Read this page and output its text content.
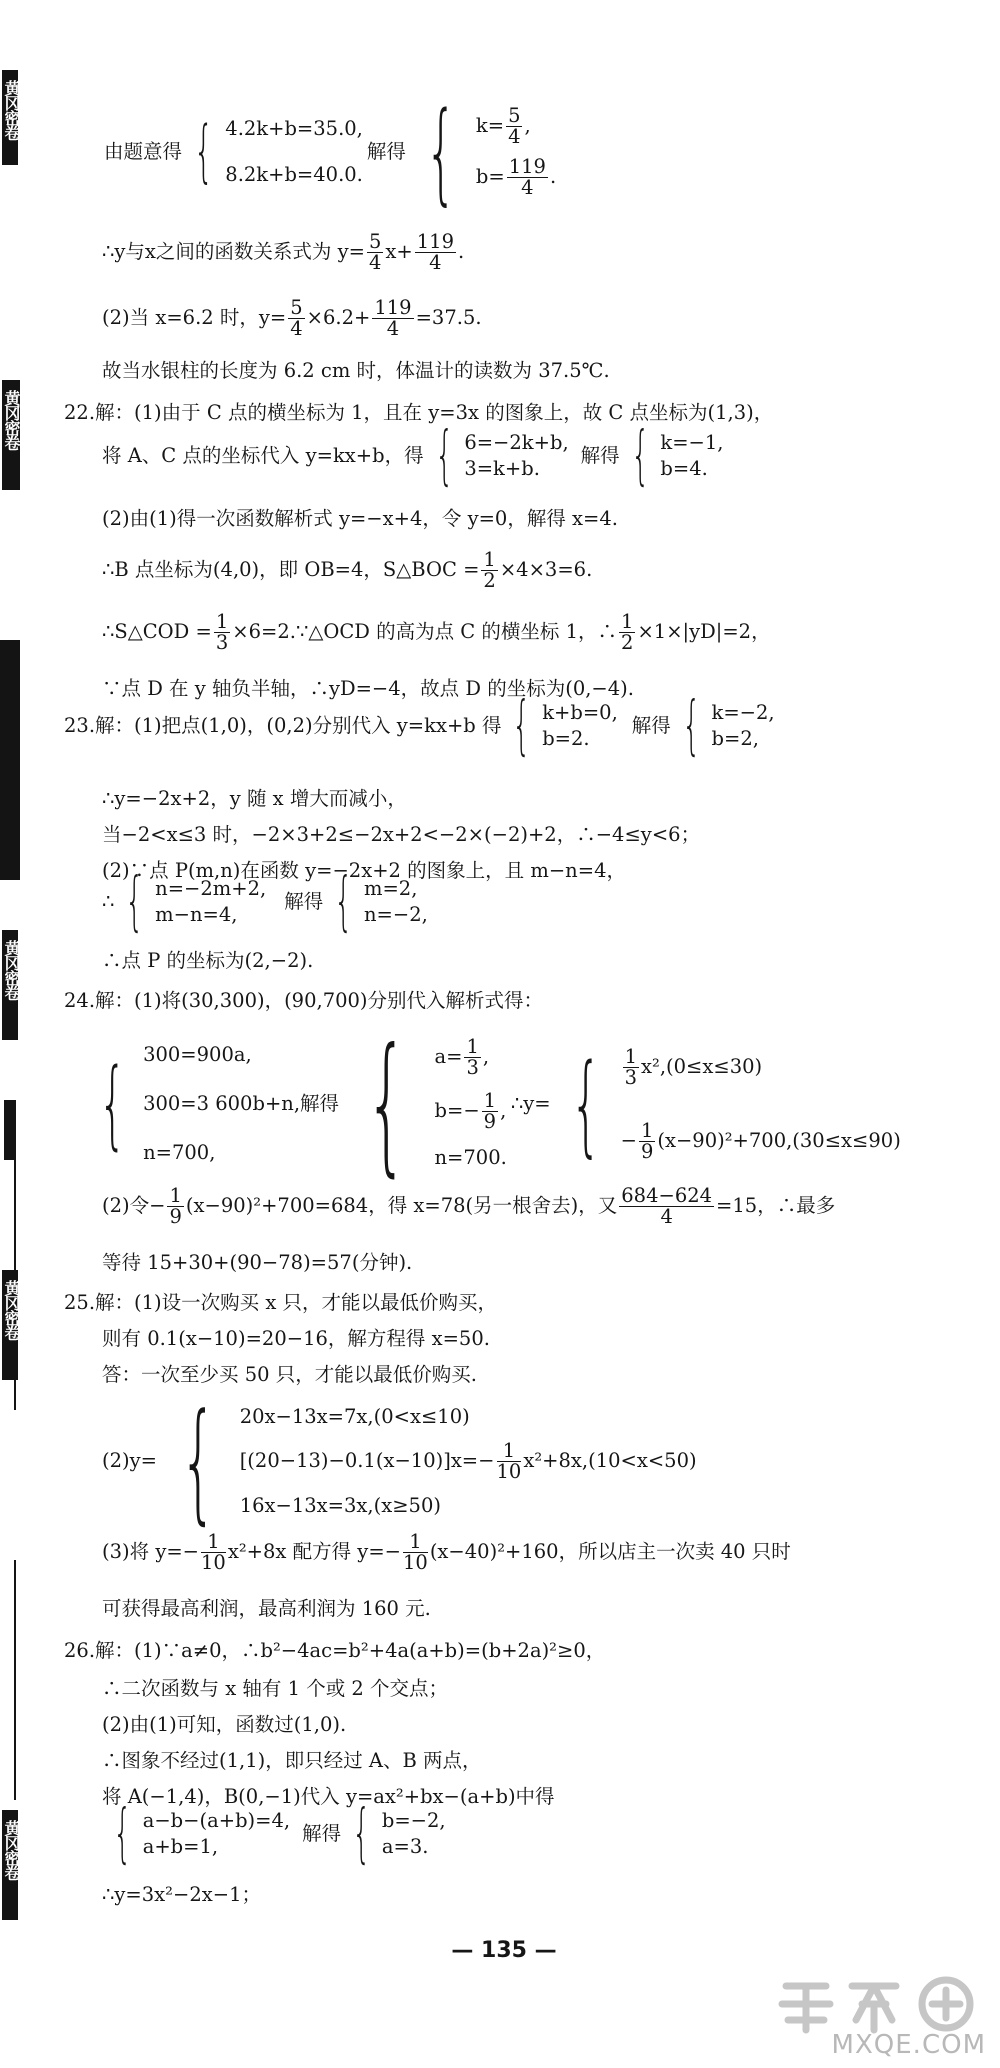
由题意得 { 4.2k+b=35.0,
8.2k+b=40.0.
解得 { $k= \frac{5}{4}$ ,
$b= \frac{119}{4}$ .
∴y与x之间的函数关系式为 $y= \frac{5}{4} x+ \frac{119}{4}$ .
(2)当 x=6.2 时，$y= \frac{5}{4} \times 6.2+ \frac{119}{4} =37.5$.
故当水银柱的长度为 6.2 cm 时，体温计的读数为 37.5℃.
22.解：(1)由于 C 点的横坐标为 1，且在 y=3x 的图象上，故 C 点坐标为(1,3)，
将 A、C 点的坐标代入 y=kx+b，得 { 6=−2k+b,
3=k+b.
解得 { k=−1,
b=4.
(2)由(1)得一次函数解析式 y=−x+4，令 y=0，解得 x=4.
∴B 点坐标为(4,0)，即 OB=4，S△BOC = $\frac{1}{2} \times 4\times 3=6$.
∴S△COD = $\frac{1}{3}$ ×6=2.∵△OCD 的高为点 C 的横坐标 1，∴ $\frac{1}{2} \times 1\times|yD|=2$，
∵点 D 在 y 轴负半轴，∴yD=−4，故点 D 的坐标为(0,−4).
23.解：(1)把点(1,0)，(0,2)分别代入 y=kx+b 得 { k+b=0,
b=2.
解得 { k=−2,
b=2,
∴y=−2x+2，y 随 x 增大而减小，
当−2<x≤3 时，−2×3+2≤−2x+2<−2×(−2)+2，∴−4≤y<6；
(2)∵点 P(m,n)在函数 y=−2x+2 的图象上，且 m−n=4，
∴ { n=−2m+2,
m−n=4,
解得 { m=2,
n=−2,
∴点 P 的坐标为(2,−2).
24.解：(1)将(30,300)，(90,700)分别代入解析式得：
{ 300=900a,
300=3 600b+n,
n=700,
解得 { $a= \frac{1}{3}$ ,
$b=- \frac{1}{9}$ ,
n=700.
∴y= { $\frac{1}{3} x^2,(0\le x\le 30)$
− $\frac{1}{9} (x-90)^2+700,(30\le x\le 90)$
(2)令− $\frac{1}{9} (x-90)^2+700=684$，得 x=78(另一根舍去)，又 $\frac{684-624}{4} =15$，∴最多
等待 15+30+(90−78)=57(分钟).
25.解：(1)设一次购买 x 只，才能以最低价购买，
则有 0.1(x−10)=20−16，解方程得 x=50.
答：一次至少买 50 只，才能以最低价购买.
(2)y= { 20x−13x=7x,(0<x≤10)
$[(20-13)-0.1(x-10)]x=- \frac{1}{10} x^2+8x,(10<x<50)$
16x−13x=3x,(x≥50)
(3)将 $y=- \frac{1}{10} x^2+8x$ 配方得 $y=- \frac{1}{10} (x-40)^2+160$，所以店主一次卖 40 只时
可获得最高利润，最高利润为 160 元.
26.解：(1)∵a≠0，∴b²−4ac=b²+4a(a+b)=(b+2a)²≥0，
∴二次函数与 x 轴有 1 个或 2 个交点；
(2)由(1)可知，函数过(1,0).
∴图象不经过(1,1)，即只经过 A、B 两点，
将 A(−1,4)，B(0,−1)代入 y=ax²+bx−(a+b)中得
{ a−b−(a+b)=4,
a+b=1,
解得 { b=−2,
a=3.
∴y=3x²−2x−1；
— 135 —
黄冈密卷
黄冈密卷
黄冈密卷
黄冈密卷
黄冈密卷
MXQE.COM
